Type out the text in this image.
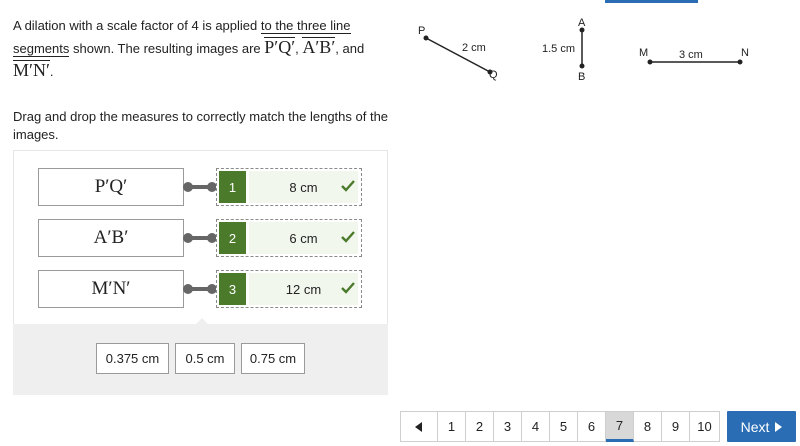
A dilation with a scale factor of 4 is applied to the three line segments shown. The resulting images are P′Q′, A′B′, and
M′N′.
P
Q
2 cm
A
B
1.5 cm	M	N
3 cm
Drag and drop the measures to correctly match the lengths of the images.
P′Q′	1	8 cm
A′B′	2	6 cm
M′N′	3	12 cm
0.375 cm	0.5 cm	0.75 cm
1	2	3	4	5	6	7	8	9	10	Next
